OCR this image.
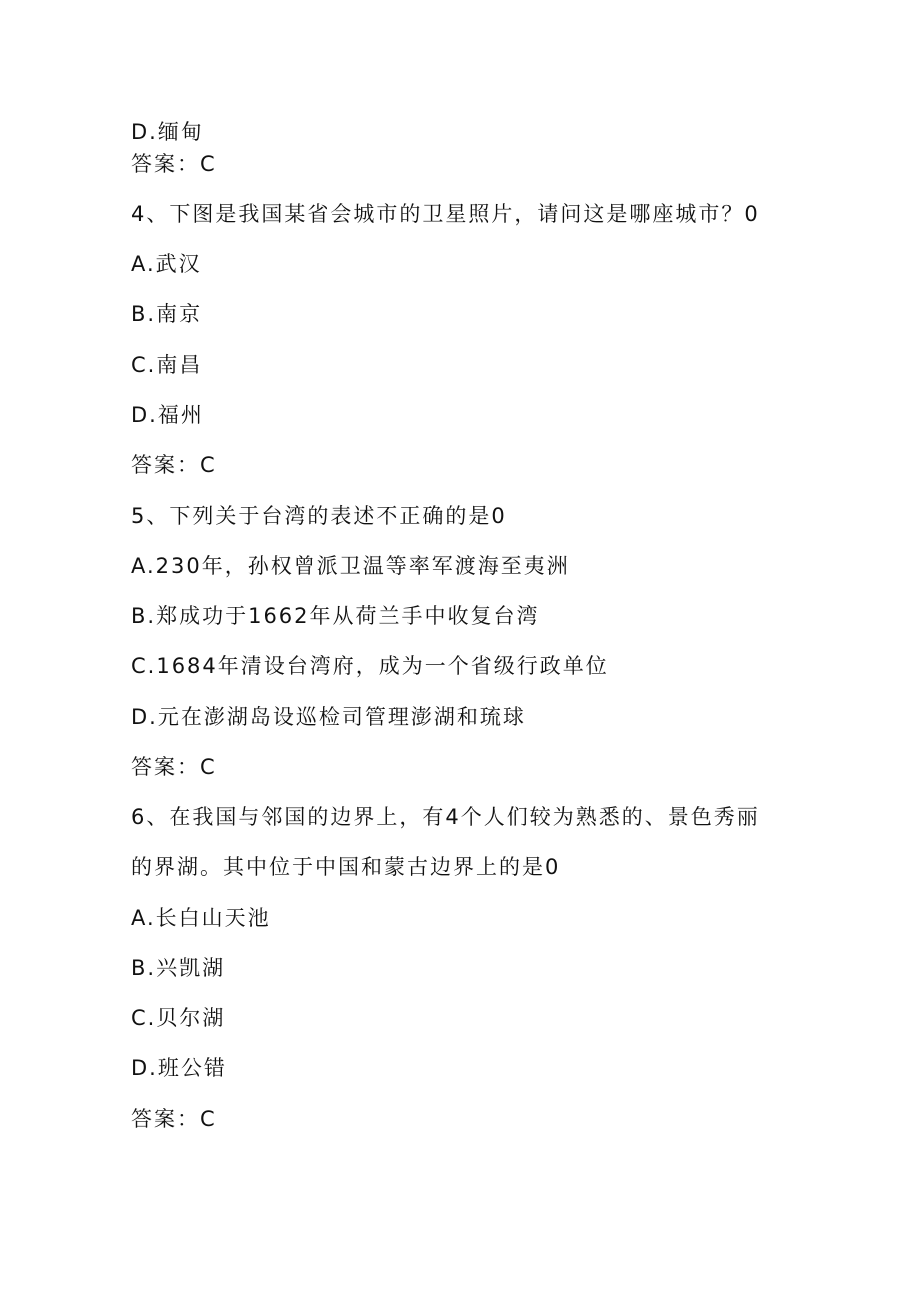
D.缅甸
答案：C
4、下图是我国某省会城市的卫星照片，请问这是哪座城市？0
A.武汉
B.南京
C.南昌
D.福州
答案：C
5、下列关于台湾的表述不正确的是0
A.230年，孙权曾派卫温等率军渡海至夷洲
B.郑成功于1662年从荷兰手中收复台湾
C.1684年清设台湾府，成为一个省级行政单位
D.元在澎湖岛设巡检司管理澎湖和琉球
答案：C
6、在我国与邻国的边界上，有4个人们较为熟悉的、景色秀丽
的界湖。其中位于中国和蒙古边界上的是0
A.长白山天池
B.兴凯湖
C.贝尔湖
D.班公错
答案：C
